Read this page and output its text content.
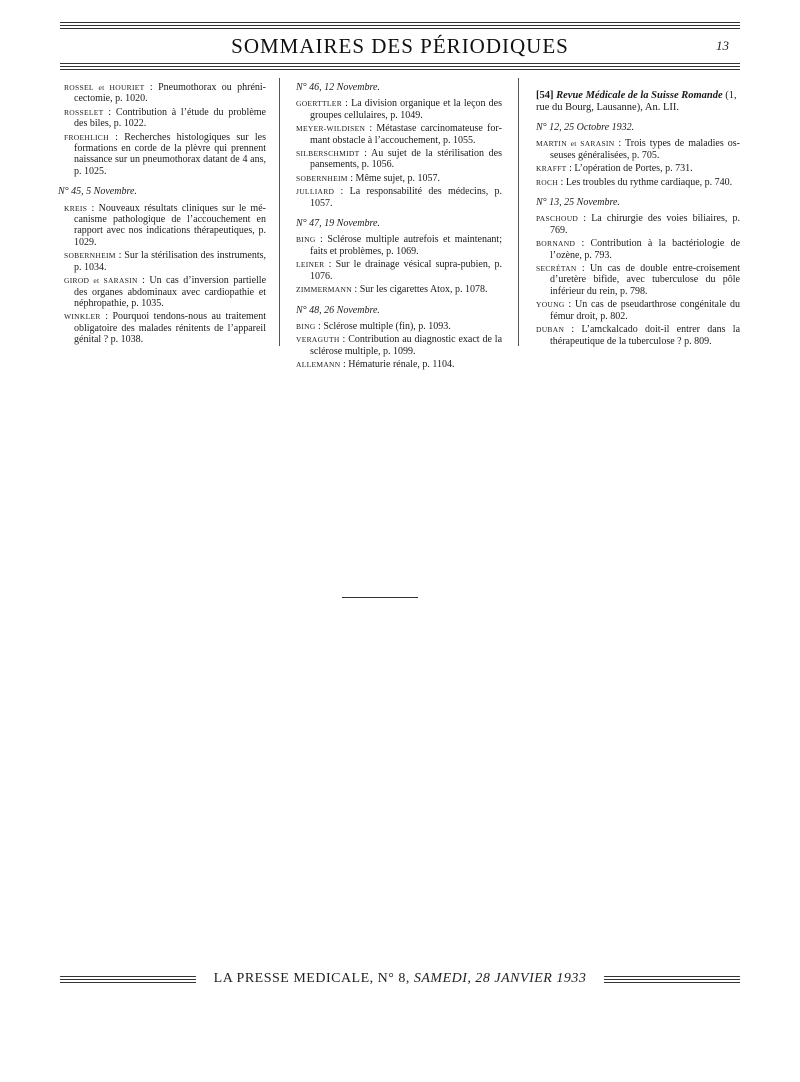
SOMMAIRES DES PÉRIODIQUES	13
ROSSEL et HOURIET : Pneumothorax ou phrénicectomie, p. 1020.
ROSSELET : Contribution à l’étude du problème des biles, p. 1022.
FROEHLICH : Recherches histologiques sur les formations en corde de la plèvre qui prennent naissance sur un pneumothorax datant de 4 ans, p. 1025.
N° 45, 5 Novembre.
KREIS : Nouveaux résultats cliniques sur le mécanisme pathologique de l’accouchement en rapport avec nos indications thérapeutiques, p. 1029.
SOBERNHEIM : Sur la stérilisation des instruments, p. 1034.
GIROD et SARASIN : Un cas d’inversion partielle des organes abdominaux avec cardiopathie et néphropathie, p. 1035.
WINKLER : Pourquoi tendons-nous au traitement obligatoire des malades rénitents de l’appareil génital ? p. 1038.
N° 46, 12 Novembre.
GOERTTLER : La division organique et la leçon des groupes cellulaires, p. 1049.
MEYER-WILDISEN : Métastase carcinomateuse formant obstacle à l’accouchement, p. 1055.
SILBERSCHMIDT : Au sujet de la stérilisation des pansements, p. 1056.
SOBERNHEIM : Même sujet, p. 1057.
JULLIARD : La responsabilité des médecins, p. 1057.
N° 47, 19 Novembre.
BING : Sclérose multiple autrefois et maintenant; faits et problèmes, p. 1069.
LEINER : Sur le drainage vésical supra-pubien, p. 1076.
ZIMMERMANN : Sur les cigarettes Atox, p. 1078.
N° 48, 26 Novembre.
BING : Sclérose multiple (fin), p. 1093.
VERAGUTH : Contribution au diagnostic exact de la sclérose multiple, p. 1099.
ALLEMANN : Hématurie rénale, p. 1104.
[54] Revue Médicale de la Suisse Romande (1, rue du Bourg, Lausanne), An. LII.
N° 12, 25 Octobre 1932.
MARTIN et SARASIN : Trois types de maladies osseuses généralisées, p. 705.
KRAFFT : L’opération de Portes, p. 731.
ROCH : Les troubles du rythme cardiaque, p. 740.
N° 13, 25 Novembre.
PASCHOUD : La chirurgie des voies biliaires, p. 769.
BORNAND : Contribution à la bactériologie de l’ozène, p. 793.
SECRÉTAN : Un cas de double entre-croisement d’uretère bifide, avec tuberculose du pôle inférieur du rein, p. 798.
YOUNG : Un cas de pseudarthrose congénitale du fémur droit, p. 802.
DUBAN : L’amckalcado doit-il entrer dans la thérapeutique de la tuberculose ? p. 809.
LA PRESSE MEDICALE, N° 8, SAMEDI, 28 JANVIER 1933
